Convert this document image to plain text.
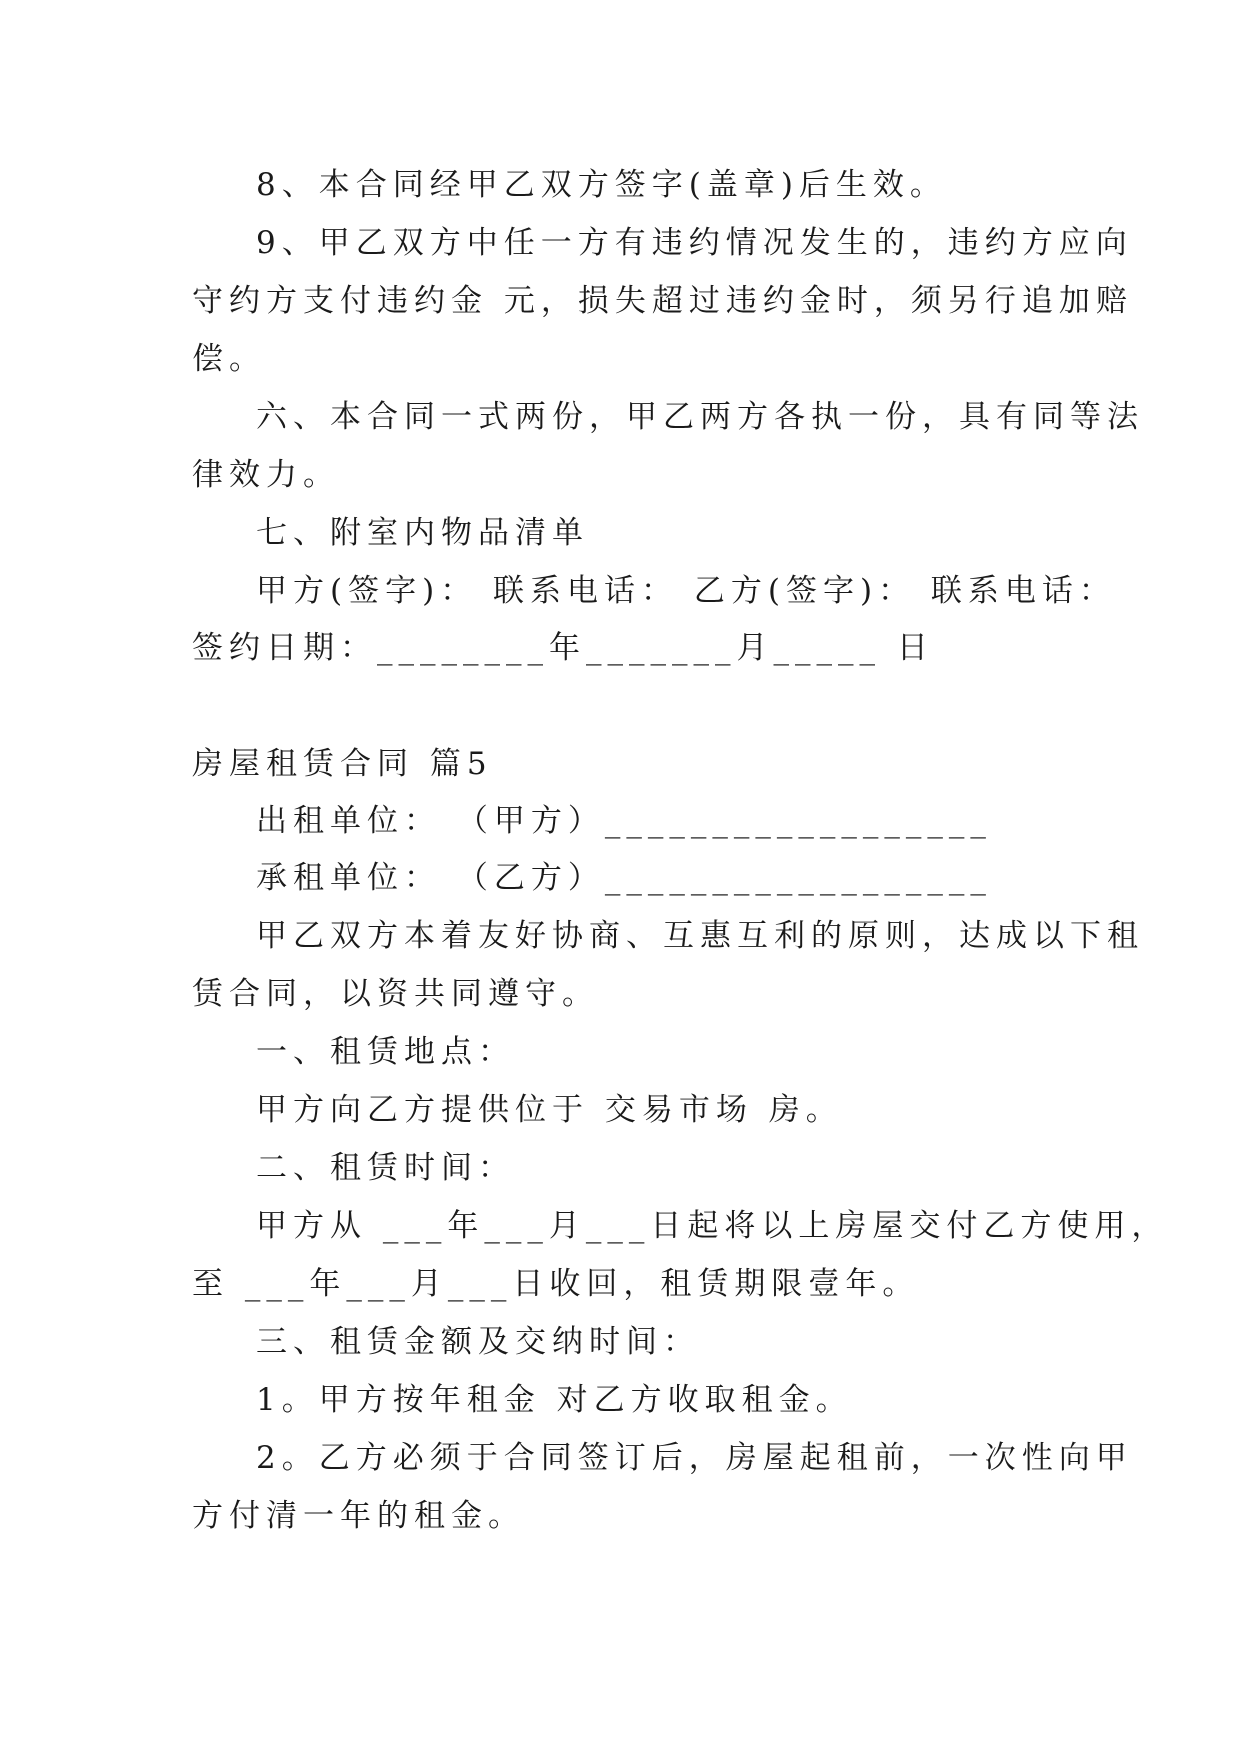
8、本合同经甲乙双方签字(盖章)后生效。
9、甲乙双方中任一方有违约情况发生的，违约方应向
守约方支付违约金 元，损失超过违约金时，须另行追加赔
偿。
六、本合同一式两份，甲乙两方各执一份，具有同等法
律效力。
七、附室内物品清单
甲方(签字)： 联系电话： 乙方(签字)： 联系电话：
签约日期：________年_______月_____ 日
房屋租赁合同 篇5
出租单位： （甲方）__________________
承租单位： （乙方）__________________
甲乙双方本着友好协商、互惠互利的原则，达成以下租
赁合同，以资共同遵守。
一、租赁地点：
甲方向乙方提供位于 交易市场 房。
二、租赁时间：
甲方从 ___年___月___日起将以上房屋交付乙方使用，
至 ___年___月___日收回，租赁期限壹年。
三、租赁金额及交纳时间：
1。甲方按年租金 对乙方收取租金。
2。乙方必须于合同签订后，房屋起租前，一次性向甲
方付清一年的租金。
